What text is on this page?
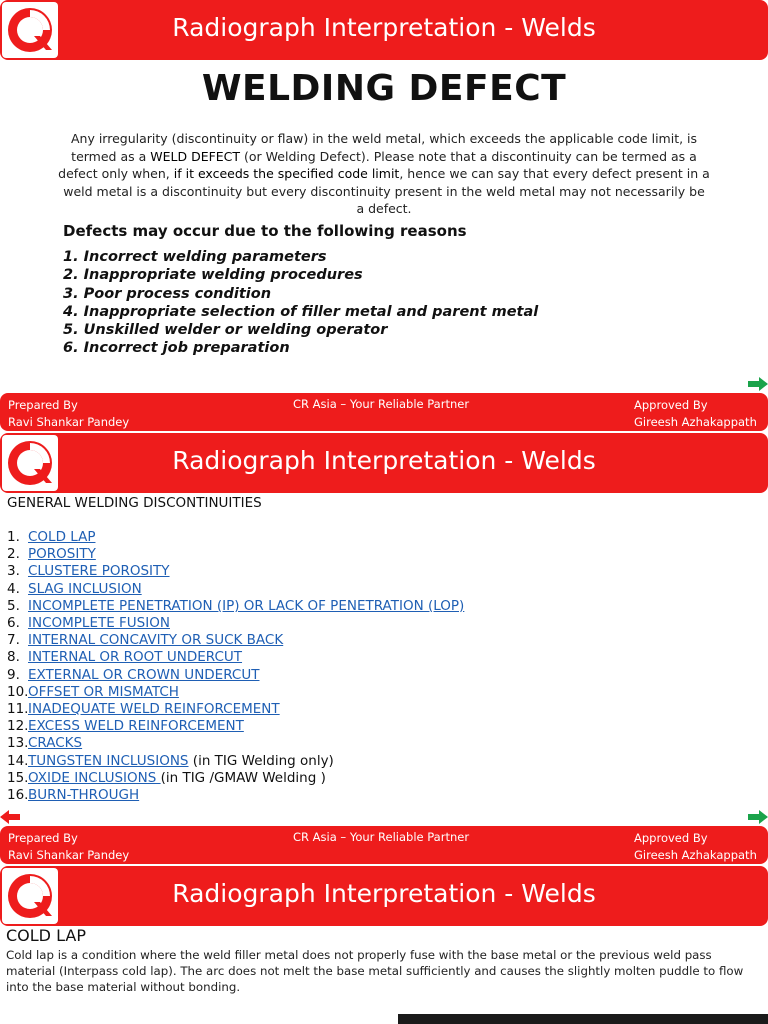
Asia	Radiograph Interpretation - Welds
WELDING DEFECT

Any irregularity (discontinuity or flaw) in the weld metal, which exceeds the applicable code limit, is termed as a WELD DEFECT (or Welding Defect). Please note that a discontinuity can be termed as a defect only when, if it exceeds the specified code limit, hence we can say that every defect present in a weld metal is a discontinuity but every discontinuity present in the weld metal may not necessarily be a defect.

Defects may occur due to the following reasons
1. Incorrect welding parameters
2. Inappropriate welding procedures
3. Poor process condition
4. Inappropriate selection of filler metal and parent metal
5. Unskilled welder or welding operator
6. Incorrect job preparation
Prepared By
Ravi Shankar Pandey
CR Asia – Your Reliable Partner	Approved By
Gireesh Azhakappath
Asia	Radiograph Interpretation - Welds
GENERAL WELDING DISCONTINUITIES
1. COLD LAP
2. POROSITY
3. CLUSTERE POROSITY
4. SLAG INCLUSION
5. INCOMPLETE PENETRATION (IP) OR LACK OF PENETRATION (LOP)
6. INCOMPLETE FUSION
7. INTERNAL CONCAVITY OR SUCK BACK
8. INTERNAL OR ROOT UNDERCUT
9. EXTERNAL OR CROWN UNDERCUT
10.OFFSET OR MISMATCH
11.INADEQUATE WELD REINFORCEMENT
12.EXCESS WELD REINFORCEMENT
13.CRACKS
14.TUNGSTEN INCLUSIONS (in TIG Welding only)
15.OXIDE INCLUSIONS (in TIG /GMAW Welding )
16.BURN-THROUGH
Prepared By
Ravi Shankar Pandey
CR Asia – Your Reliable Partner	Approved By
Gireesh Azhakappath
Asia	Radiograph Interpretation - Welds
COLD LAP

Cold lap is a condition where the weld filler metal does not properly fuse with the base metal or the previous weld pass material (Interpass cold lap). The arc does not melt the base metal sufficiently and causes the slightly molten puddle to flow into the base material without bonding.
